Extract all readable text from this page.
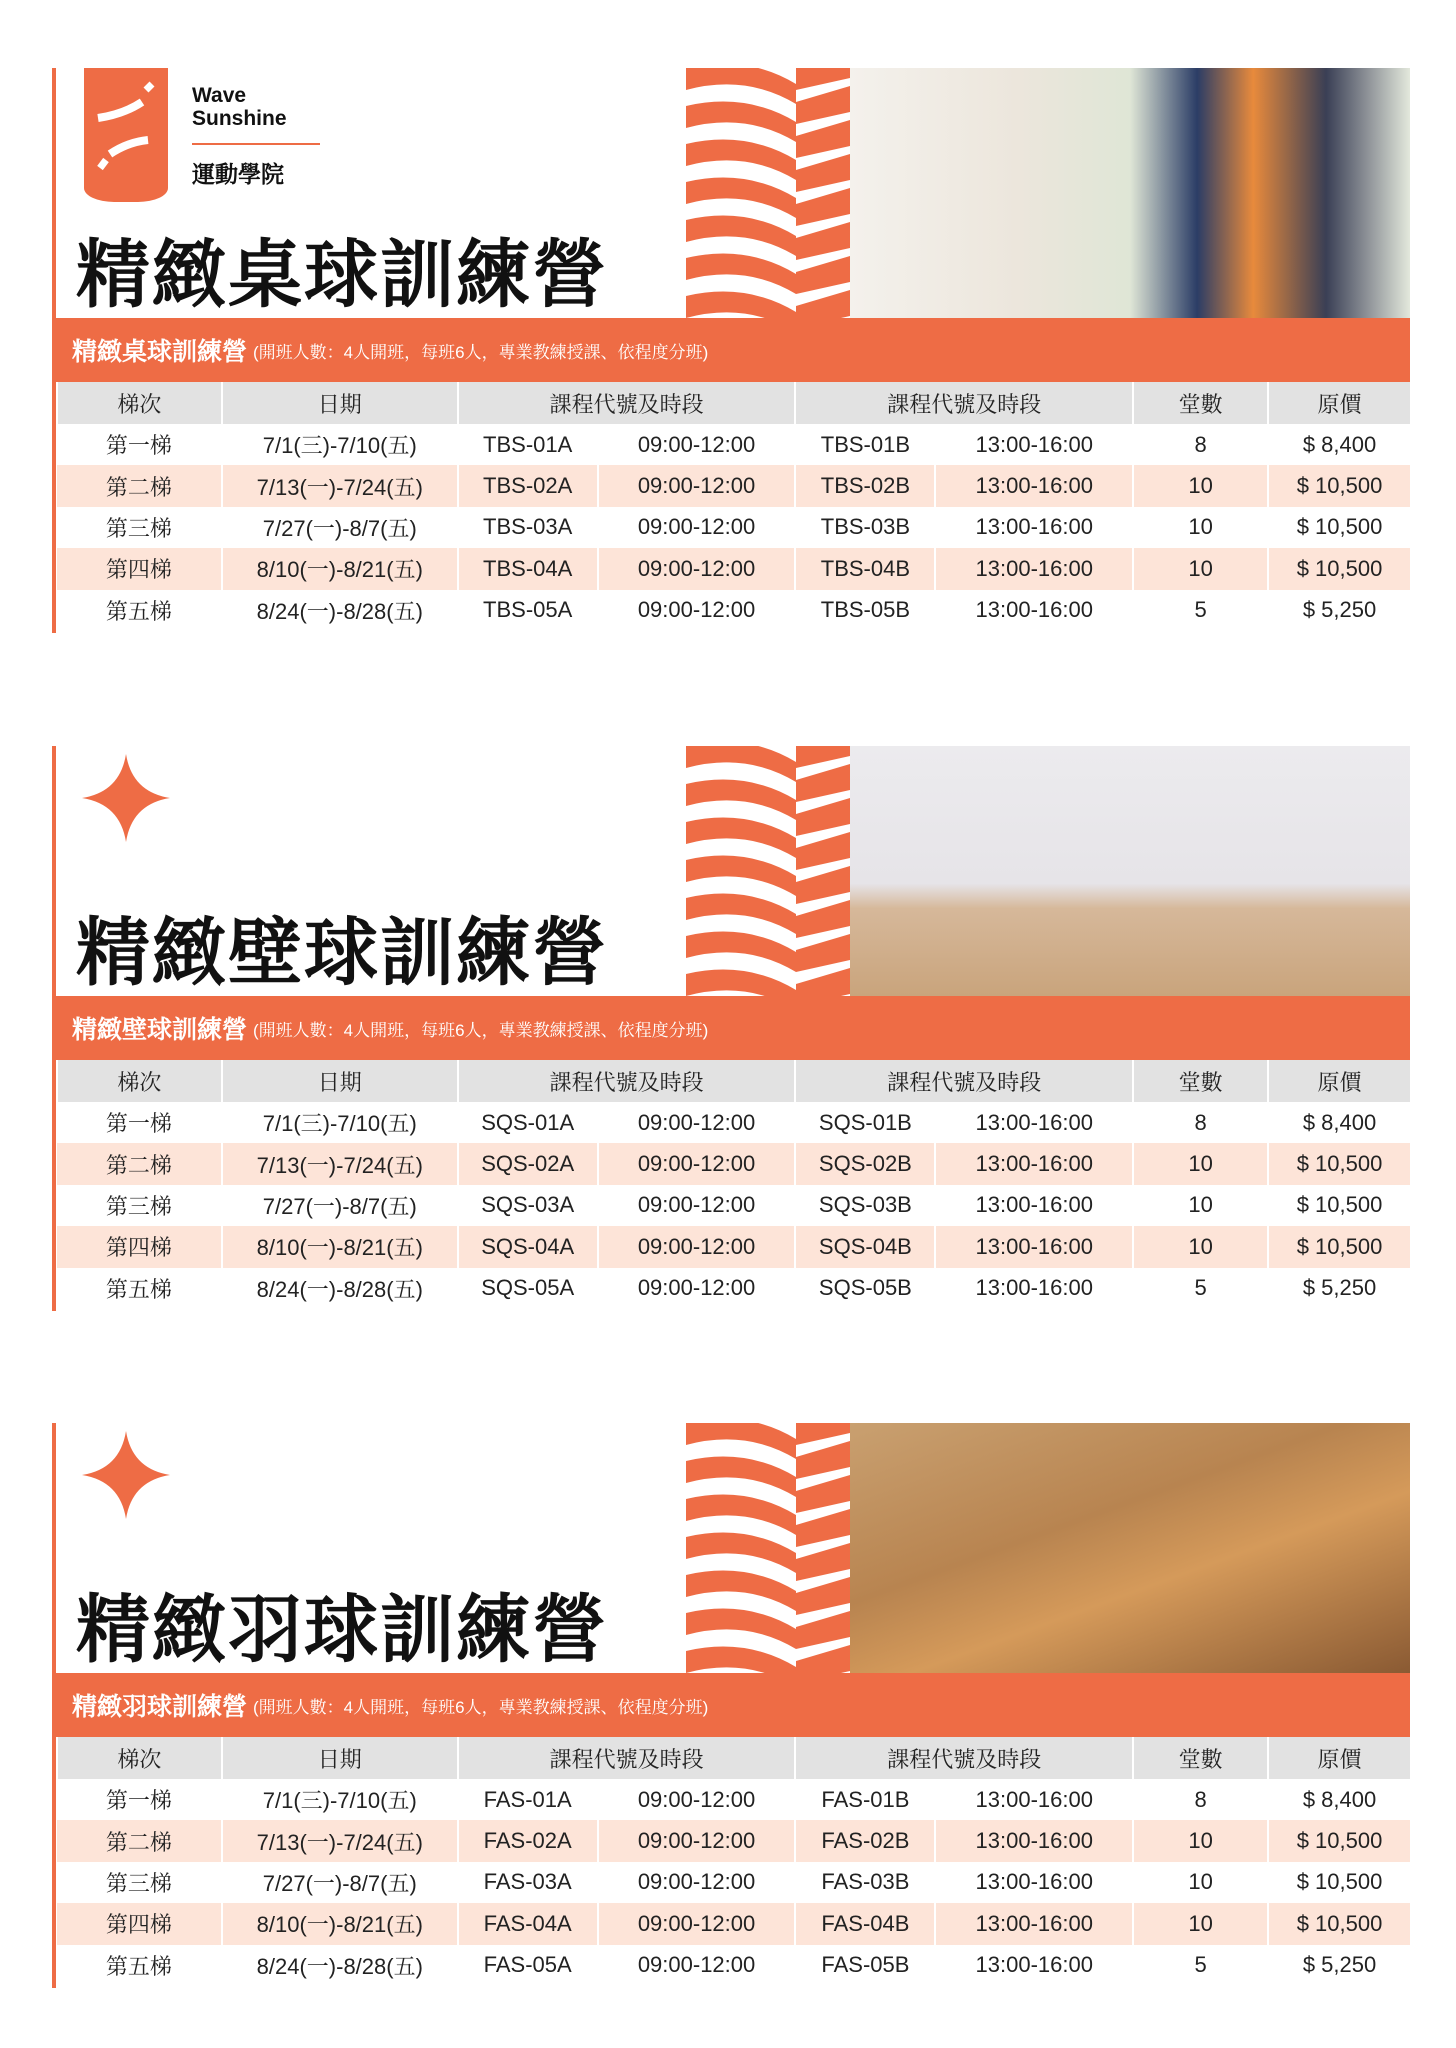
Wave
Sunshine
運動學院
精緻桌球訓練營
精緻桌球訓練營 (開班人數：4人開班，每班6人，專業教練授課、依程度分班)
梯次	日期	課程代號及時段		課程代號及時段		堂數	原價
第一梯	7/1(三)-7/10(五)	TBS-01A	09:00-12:00	TBS-01B	13:00-16:00	8	$ 8,400
第二梯	7/13(一)-7/24(五)	TBS-02A	09:00-12:00	TBS-02B	13:00-16:00	10	$ 10,500
第三梯	7/27(一)-8/7(五)	TBS-03A	09:00-12:00	TBS-03B	13:00-16:00	10	$ 10,500
第四梯	8/10(一)-8/21(五)	TBS-04A	09:00-12:00	TBS-04B	13:00-16:00	10	$ 10,500
第五梯	8/24(一)-8/28(五)	TBS-05A	09:00-12:00	TBS-05B	13:00-16:00	5	$ 5,250
精緻壁球訓練營
精緻壁球訓練營 (開班人數：4人開班，每班6人，專業教練授課、依程度分班)
梯次	日期	課程代號及時段		課程代號及時段		堂數	原價
第一梯	7/1(三)-7/10(五)	SQS-01A	09:00-12:00	SQS-01B	13:00-16:00	8	$ 8,400
第二梯	7/13(一)-7/24(五)	SQS-02A	09:00-12:00	SQS-02B	13:00-16:00	10	$ 10,500
第三梯	7/27(一)-8/7(五)	SQS-03A	09:00-12:00	SQS-03B	13:00-16:00	10	$ 10,500
第四梯	8/10(一)-8/21(五)	SQS-04A	09:00-12:00	SQS-04B	13:00-16:00	10	$ 10,500
第五梯	8/24(一)-8/28(五)	SQS-05A	09:00-12:00	SQS-05B	13:00-16:00	5	$ 5,250
精緻羽球訓練營
精緻羽球訓練營 (開班人數：4人開班，每班6人，專業教練授課、依程度分班)
梯次	日期	課程代號及時段		課程代號及時段		堂數	原價
第一梯	7/1(三)-7/10(五)	FAS-01A	09:00-12:00	FAS-01B	13:00-16:00	8	$ 8,400
第二梯	7/13(一)-7/24(五)	FAS-02A	09:00-12:00	FAS-02B	13:00-16:00	10	$ 10,500
第三梯	7/27(一)-8/7(五)	FAS-03A	09:00-12:00	FAS-03B	13:00-16:00	10	$ 10,500
第四梯	8/10(一)-8/21(五)	FAS-04A	09:00-12:00	FAS-04B	13:00-16:00	10	$ 10,500
第五梯	8/24(一)-8/28(五)	FAS-05A	09:00-12:00	FAS-05B	13:00-16:00	5	$ 5,250
